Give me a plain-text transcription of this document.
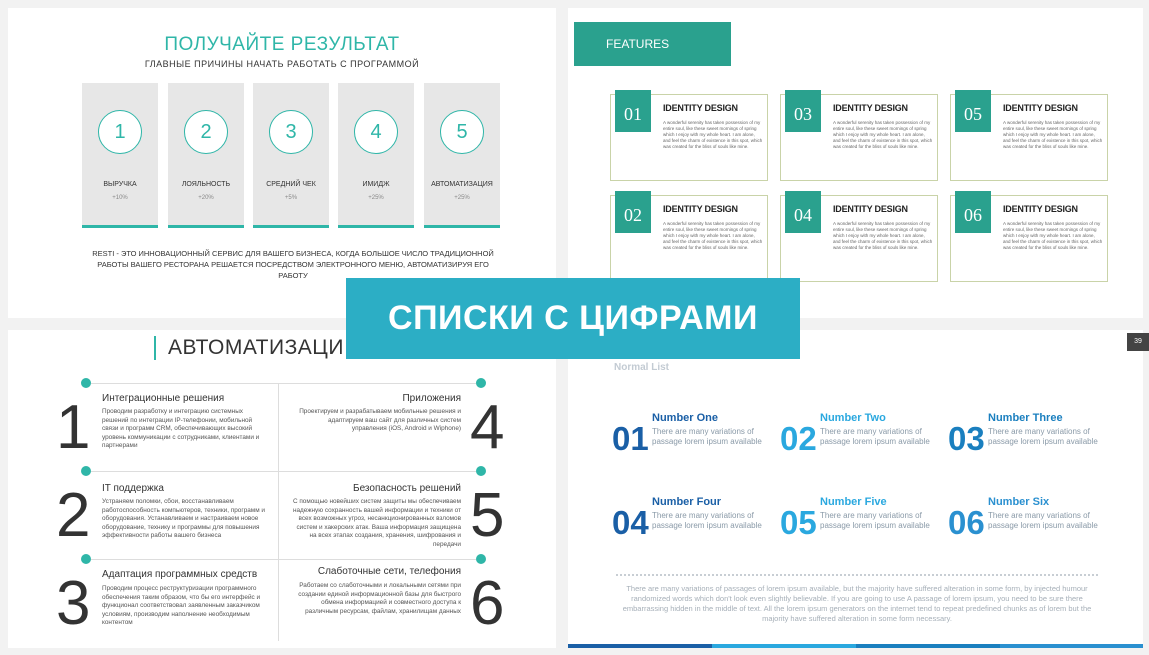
ПОЛУЧАЙТЕ РЕЗУЛЬТАТ
ГЛАВНЫЕ ПРИЧИНЫ НАЧАТЬ РАБОТАТЬ С ПРОГРАММОЙ
1
ВЫРУЧКА
+10%
2
ЛОЯЛЬНОСТЬ
+20%
3
СРЕДНИЙ ЧЕК
+5%
4
ИМИДЖ
+25%
5
АВТОМАТИЗАЦИЯ
+25%
RESTI - ЭТО ИННОВАЦИОННЫЙ СЕРВИС ДЛЯ ВАШЕГО БИЗНЕСА, КОГДА БОЛЬШОЕ ЧИСЛО ТРАДИЦИОННОЙ РАБОТЫ ВАШЕГО РЕСТОРАНА РЕШАЕТСЯ ПОСРЕДСТВОМ ЭЛЕКТРОННОГО МЕНЮ, АВТОМАТИЗИРУЯ ЕГО РАБОТУ
FEATURES
01	IDENTITY DESIGN
A wonderful serenity has taken possession of my entire soul, like these sweet mornings of spring which I enjoy with my whole heart. I am alone, and feel the charm of existence in this spot, which was created for the bliss of souls like mine.
03	IDENTITY DESIGN
A wonderful serenity has taken possession of my entire soul, like these sweet mornings of spring which I enjoy with my whole heart. I am alone, and feel the charm of existence in this spot, which was created for the bliss of souls like mine.
05	IDENTITY DESIGN
A wonderful serenity has taken possession of my entire soul, like these sweet mornings of spring which I enjoy with my whole heart. I am alone, and feel the charm of existence in this spot, which was created for the bliss of souls like mine.
02	IDENTITY DESIGN
A wonderful serenity has taken possession of my entire soul, like these sweet mornings of spring which I enjoy with my whole heart. I am alone, and feel the charm of existence in this spot, which was created for the bliss of souls like mine.
04	IDENTITY DESIGN
A wonderful serenity has taken possession of my entire soul, like these sweet mornings of spring which I enjoy with my whole heart. I am alone, and feel the charm of existence in this spot, which was created for the bliss of souls like mine.
06	IDENTITY DESIGN
A wonderful serenity has taken possession of my entire soul, like these sweet mornings of spring which I enjoy with my whole heart. I am alone, and feel the charm of existence in this spot, which was created for the bliss of souls like mine.
АВТОМАТИЗАЦИ
1 Интеграционные решения
Проводим разработку и интеграцию системных решений по интеграции IP-телефонии, мобильной связи и программ CRM, обеспечивающих высокий уровень коммуникации с сотрудниками, клиентами и партнерами
2 IT поддержка
Устраняем поломки, сбои, восстанавливаем работоспособность компьютеров, техники, программ и оборудования. Устанавливаем и настраиваем новое оборудование, технику и программы для повышения эффективности работы вашего бизнеса
3 Адаптация программных средств
Проводим процесс реструктуризации программного обеспечения таким образом, что бы его интерфейс и функционал соответствовал заявленным заказчиком условиям, производим наполнение необходимым контентом
4
Приложения
Проектируем и разрабатываем мобильные решения и адаптируем ваш сайт для различных систем управления (iOS, Android и Wiphone)
5
Безопасность решений
С помощью новейших систем защиты мы обеспечиваем надежную сохранность вашей информации и техники от всех возможных угроз, несанкционированных взломов систем и хакерских атак. Ваша информация защищена на всех этапах создания, хранения, шифрования и передачи
6
Слаботочные сети, телефония
Работаем со слаботочными и локальными сетями при создании единой информационной базы для быстрого обмена информацией и совместного доступа к различным ресурсам, файлам, хранилищам данных
Normal List
01
Number One
There are many variations of passage lorem ipsum available 02
Number Two
There are many variations of passage lorem ipsum available 03
Number Three
There are many variations of passage lorem ipsum available
04
Number Four
There are many variations of passage lorem ipsum available 05
Number Five
There are many variations of passage lorem ipsum available 06
Number Six
There are many variations of passage lorem ipsum available
There are many variations of passages of lorem ipsum available, but the majority have suffered alteration in some form, by injected humour randomized words which don't look even slightly believable. If you are going to use A passage of lorem ipsum, you need to be sure there embarrassing hidden in the middle of text. All the lorem ipsum generators on the internet tend to repeat predefined chunks as of lorem but the majority have suffered alteration in some form necessary.
39
СПИСКИ С ЦИФРАМИ
